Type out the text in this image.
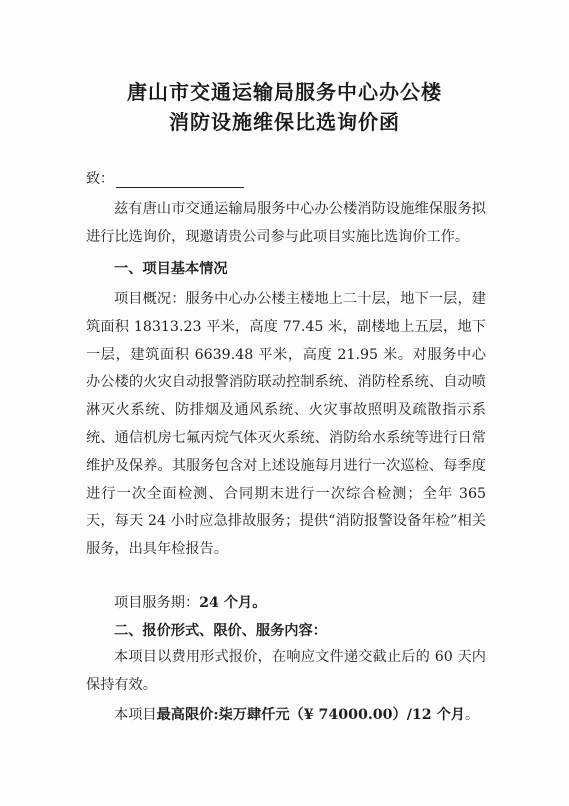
唐山市交通运输局服务中心办公楼
消防设施维保比选询价函
致：

兹有唐山市交通运输局服务中心办公楼消防设施维保服务拟进行比选询价，现邀请贵公司参与此项目实施比选询价工作。

一、项目基本情况

项目概况：服务中心办公楼主楼地上二十层，地下一层，建筑面积 18313.23 平米，高度 77.45 米，副楼地上五层，地下一层，建筑面积 6639.48 平米，高度 21.95 米。对服务中心办公楼的火灾自动报警消防联动控制系统、消防栓系统、自动喷淋灭火系统、防排烟及通风系统、火灾事故照明及疏散指示系统、通信机房七氟丙烷气体灭火系统、消防给水系统等进行日常维护及保养。其服务包含对上述设施每月进行一次巡检、每季度进行一次全面检测、合同期末进行一次综合检测；全年 365 天，每天 24 小时应急排故服务；提供“消防报警设备年检”相关服务，出具年检报告。

项目服务期：24 个月。

二、报价形式、限价、服务内容：

本项目以费用形式报价，在响应文件递交截止后的 60 天内保持有效。

本项目最高限价:柒万肆仟元（¥ 74000.00）/12 个月。
